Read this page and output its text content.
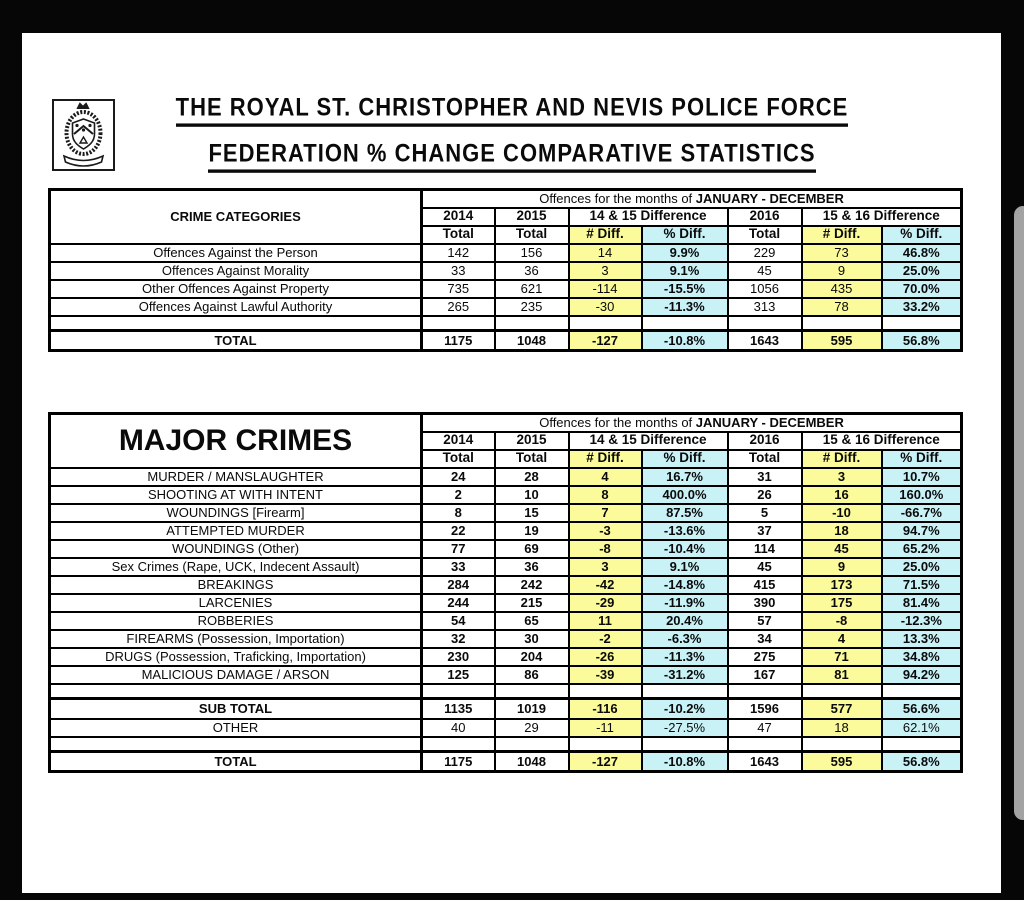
THE ROYAL ST. CHRISTOPHER AND NEVIS POLICE FORCE
FEDERATION % CHANGE COMPARATIVE STATISTICS
CRIME CATEGORIES	Offences for the months of JANUARY - DECEMBER						
	2014	2015	14 & 15 Difference		2016	15 & 16 Difference	
	Total	Total	# Diff.	% Diff.	Total	# Diff.	% Diff.
Offences Against the Person	142	156	14	9.9%	229	73	46.8%
Offences Against Morality	33	36	3	9.1%	45	9	25.0%
Other Offences Against Property	735	621	-114	-15.5%	1056	435	70.0%
Offences Against Lawful Authority	265	235	-30	-11.3%	313	78	33.2%

TOTAL	1175	1048	-127	-10.8%	1643	595	56.8%
MAJOR CRIMES	Offences for the months of JANUARY - DECEMBER						
	2014	2015	14 & 15 Difference		2016	15 & 16 Difference	
	Total	Total	# Diff.	% Diff.	Total	# Diff.	% Diff.
MURDER / MANSLAUGHTER	24	28	4	16.7%	31	3	10.7%
SHOOTING AT WITH INTENT	2	10	8	400.0%	26	16	160.0%
WOUNDINGS [Firearm]	8	15	7	87.5%	5	-10	-66.7%
ATTEMPTED MURDER	22	19	-3	-13.6%	37	18	94.7%
WOUNDINGS (Other)	77	69	-8	-10.4%	114	45	65.2%
Sex Crimes (Rape, UCK, Indecent Assault)	33	36	3	9.1%	45	9	25.0%
BREAKINGS	284	242	-42	-14.8%	415	173	71.5%
LARCENIES	244	215	-29	-11.9%	390	175	81.4%
ROBBERIES	54	65	11	20.4%	57	-8	-12.3%
FIREARMS (Possession, Importation)	32	30	-2	-6.3%	34	4	13.3%
DRUGS (Possession, Traficking, Importation)	230	204	-26	-11.3%	275	71	34.8%
MALICIOUS DAMAGE / ARSON	125	86	-39	-31.2%	167	81	94.2%

SUB TOTAL	1135	1019	-116	-10.2%	1596	577	56.6%
OTHER	40	29	-11	-27.5%	47	18	62.1%

TOTAL	1175	1048	-127	-10.8%	1643	595	56.8%
